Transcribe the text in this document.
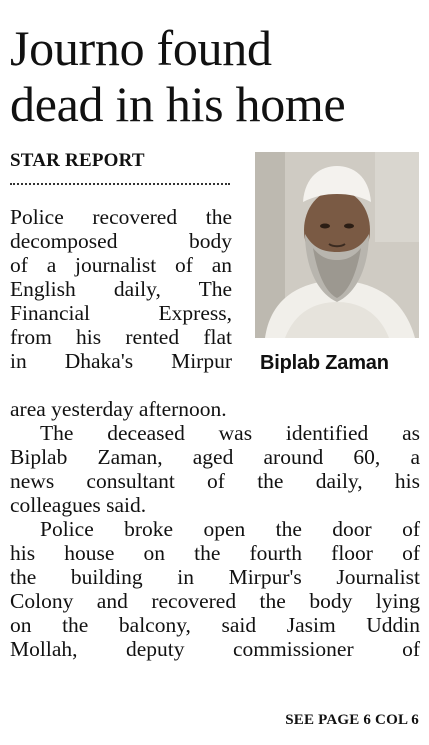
Journo found
dead in his home
STAR REPORT
Biplab Zaman
Police recovered the
decomposed body
of a journalist of an
English daily, The
Financial Express,
from his rented flat
in Dhaka's Mirpur
area yesterday afternoon.
The deceased was identified as
Biplab Zaman, aged around 60, a
news consultant of the daily, his
colleagues said.
Police broke open the door of
his house on the fourth floor of
the building in Mirpur's Journalist
Colony and recovered the body lying
on the balcony, said Jasim Uddin
Mollah, deputy commissioner of
SEE PAGE 6 COL 6
